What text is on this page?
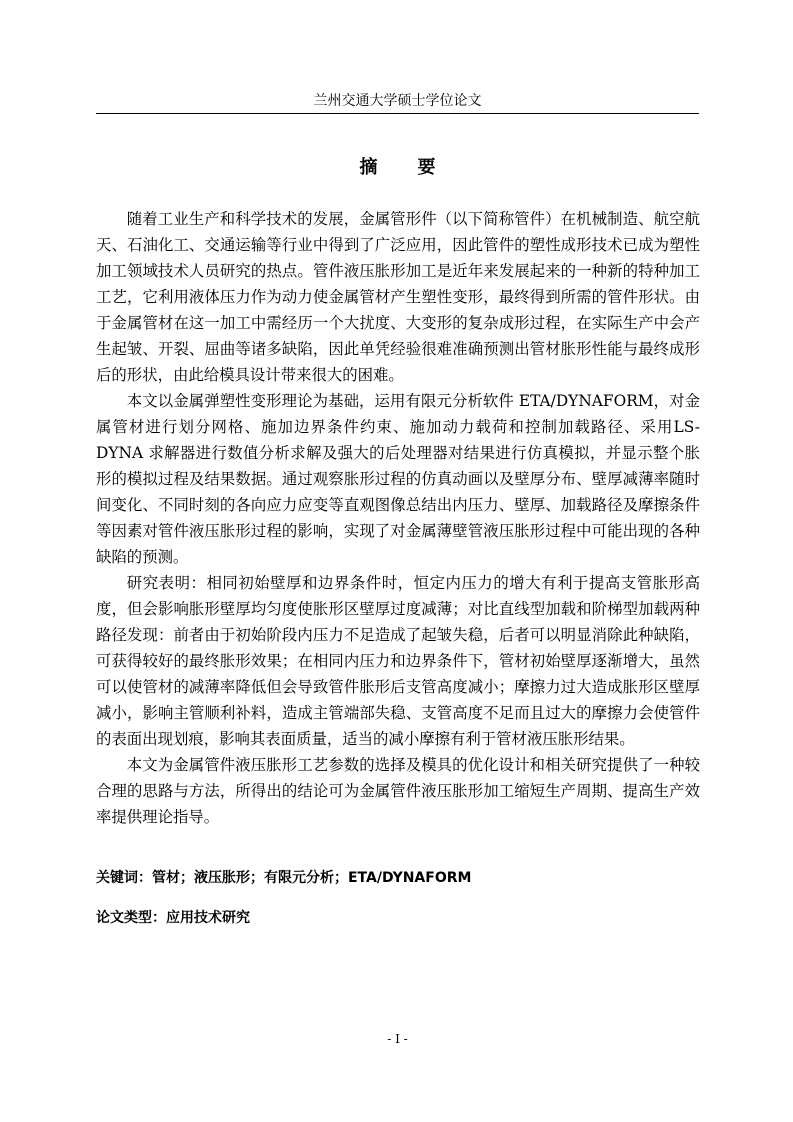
兰州交通大学硕士学位论文
摘要

随着工业生产和科学技术的发展，金属管形件（以下简称管件）在机械制造、航空航天、石油化工、交通运输等行业中得到了广泛应用，因此管件的塑性成形技术已成为塑性加工领域技术人员研究的热点。管件液压胀形加工是近年来发展起来的一种新的特种加工工艺，它利用液体压力作为动力使金属管材产生塑性变形，最终得到所需的管件形状。由于金属管材在这一加工中需经历一个大扰度、大变形的复杂成形过程，在实际生产中会产生起皱、开裂、屈曲等诸多缺陷，因此单凭经验很难准确预测出管材胀形性能与最终成形后的形状，由此给模具设计带来很大的困难。

本文以金属弹塑性变形理论为基础，运用有限元分析软件 ETA/DYNAFORM，对金属管材进行划分网格、施加边界条件约束、施加动力载荷和控制加载路径、采用LS-DYNA 求解器进行数值分析求解及强大的后处理器对结果进行仿真模拟，并显示整个胀形的模拟过程及结果数据。通过观察胀形过程的仿真动画以及壁厚分布、壁厚减薄率随时间变化、不同时刻的各向应力应变等直观图像总结出内压力、壁厚、加载路径及摩擦条件等因素对管件液压胀形过程的影响，实现了对金属薄壁管液压胀形过程中可能出现的各种缺陷的预测。

研究表明：相同初始壁厚和边界条件时，恒定内压力的增大有利于提高支管胀形高度，但会影响胀形壁厚均匀度使胀形区壁厚过度减薄；对比直线型加载和阶梯型加载两种路径发现：前者由于初始阶段内压力不足造成了起皱失稳，后者可以明显消除此种缺陷，可获得较好的最终胀形效果；在相同内压力和边界条件下，管材初始壁厚逐渐增大，虽然可以使管材的减薄率降低但会导致管件胀形后支管高度减小；摩擦力过大造成胀形区壁厚减小，影响主管顺利补料，造成主管端部失稳、支管高度不足而且过大的摩擦力会使管件的表面出现划痕，影响其表面质量，适当的减小摩擦有利于管材液压胀形结果。

本文为金属管件液压胀形工艺参数的选择及模具的优化设计和相关研究提供了一种较合理的思路与方法，所得出的结论可为金属管件液压胀形加工缩短生产周期、提高生产效率提供理论指导。

关键词：管材；液压胀形；有限元分析；ETA/DYNAFORM
论文类型：应用技术研究
- I -
